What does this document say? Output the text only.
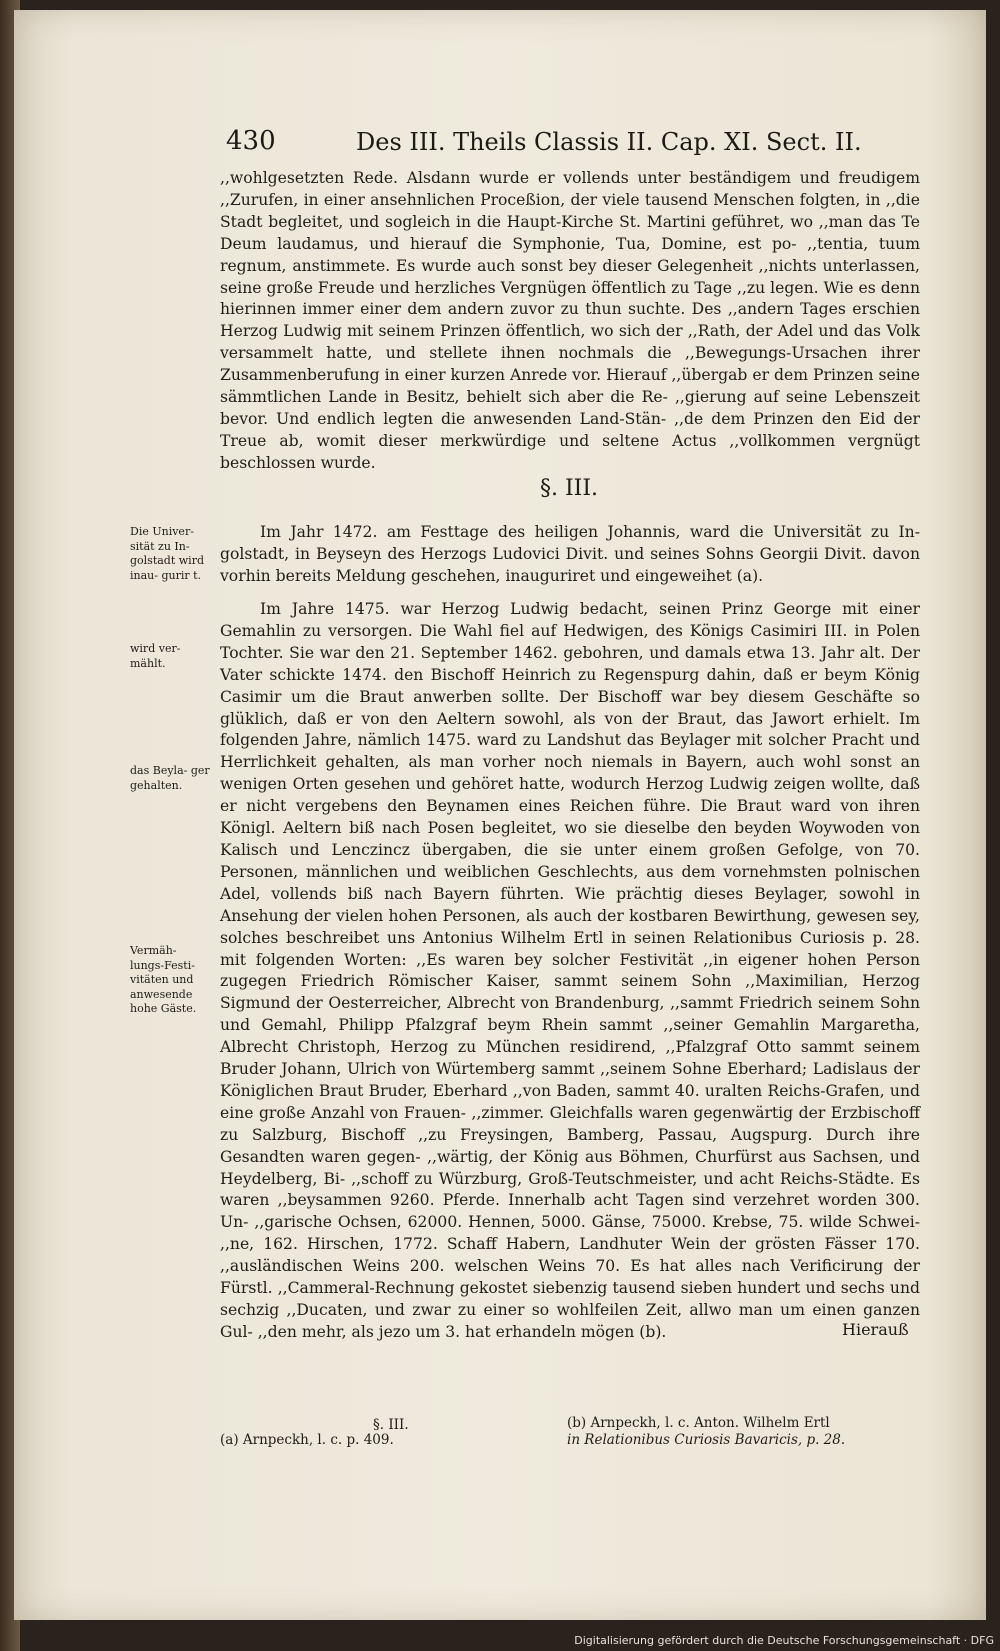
430	Des III. Theils Classis II. Cap. XI. Sect. II.

,,wohlgesetzten Rede. Alsdann wurde er vollends unter beständigem und freudigem ,,Zurufen, in einer ansehnlichen Proceßion, der viele tausend Menschen folgten, in ,,die Stadt begleitet, und sogleich in die Haupt-Kirche St. Martini geführet, wo ,,man das Te Deum laudamus, und hierauf die Symphonie, Tua, Domine, est po- ,,tentia, tuum regnum, anstimmete. Es wurde auch sonst bey dieser Gelegenheit ,,nichts unterlassen, seine große Freude und herzliches Vergnügen öffentlich zu Tage ,,zu legen. Wie es denn hierinnen immer einer dem andern zuvor zu thun suchte. Des ,,andern Tages erschien Herzog Ludwig mit seinem Prinzen öffentlich, wo sich der ,,Rath, der Adel und das Volk versammelt hatte, und stellete ihnen nochmals die ,,Bewegungs-Ursachen ihrer Zusammenberufung in einer kurzen Anrede vor. Hierauf ,,übergab er dem Prinzen seine sämmtlichen Lande in Besitz, behielt sich aber die Re- ,,gierung auf seine Lebenszeit bevor. Und endlich legten die anwesenden Land-Stän- ,,de dem Prinzen den Eid der Treue ab, womit dieser merkwürdige und seltene Actus ,,vollkommen vergnügt beschlossen wurde.

§. III.
Die Univer- sität zu In- golstadt wird inau- gurir t.

Im Jahr 1472. am Festtage des heiligen Johannis, ward die Universität zu In- golstadt, in Beyseyn des Herzogs Ludovici Divit. und seines Sohns Georgii Divit. davon vorhin bereits Meldung geschehen, inauguriret und eingeweihet (a).

wird ver- mählt.
das Beyla- ger gehalten.
Vermäh- lungs-Festi- vitäten und anwesende hohe Gäste.

Im Jahre 1475. war Herzog Ludwig bedacht, seinen Prinz George mit einer Gemahlin zu versorgen. Die Wahl fiel auf Hedwigen, des Königs Casimiri III. in Polen Tochter. Sie war den 21. September 1462. gebohren, und damals etwa 13. Jahr alt. Der Vater schickte 1474. den Bischoff Heinrich zu Regenspurg dahin, daß er beym König Casimir um die Braut anwerben sollte. Der Bischoff war bey diesem Geschäfte so glüklich, daß er von den Aeltern sowohl, als von der Braut, das Jawort erhielt. Im folgenden Jahre, nämlich 1475. ward zu Landshut das Beylager mit solcher Pracht und Herrlichkeit gehalten, als man vorher noch niemals in Bayern, auch wohl sonst an wenigen Orten gesehen und gehöret hatte, wodurch Herzog Ludwig zeigen wollte, daß er nicht vergebens den Beynamen eines Reichen führe. Die Braut ward von ihren Königl. Aeltern biß nach Posen begleitet, wo sie dieselbe den beyden Woywoden von Kalisch und Lenczincz übergaben, die sie unter einem großen Gefolge, von 70. Personen, männlichen und weiblichen Geschlechts, aus dem vornehmsten polnischen Adel, vollends biß nach Bayern führten. Wie prächtig dieses Beylager, sowohl in Ansehung der vielen hohen Personen, als auch der kostbaren Bewirthung, gewesen sey, solches beschreibet uns Antonius Wilhelm Ertl in seinen Relationibus Curiosis p. 28. mit folgenden Worten: ,,Es waren bey solcher Festivität ,,in eigener hohen Person zugegen Friedrich Römischer Kaiser, sammt seinem Sohn ,,Maximilian, Herzog Sigmund der Oesterreicher, Albrecht von Brandenburg, ,,sammt Friedrich seinem Sohn und Gemahl, Philipp Pfalzgraf beym Rhein sammt ,,seiner Gemahlin Margaretha, Albrecht Christoph, Herzog zu München residirend, ,,Pfalzgraf Otto sammt seinem Bruder Johann, Ulrich von Würtemberg sammt ,,seinem Sohne Eberhard; Ladislaus der Königlichen Braut Bruder, Eberhard ,,von Baden, sammt 40. uralten Reichs-Grafen, und eine große Anzahl von Frauen- ,,zimmer. Gleichfalls waren gegenwärtig der Erzbischoff zu Salzburg, Bischoff ,,zu Freysingen, Bamberg, Passau, Augspurg. Durch ihre Gesandten waren gegen- ,,wärtig, der König aus Böhmen, Churfürst aus Sachsen, und Heydelberg, Bi- ,,schoff zu Würzburg, Groß-Teutschmeister, und acht Reichs-Städte. Es waren ,,beysammen 9260. Pferde. Innerhalb acht Tagen sind verzehret worden 300. Un- ,,garische Ochsen, 62000. Hennen, 5000. Gänse, 75000. Krebse, 75. wilde Schwei- ,,ne, 162. Hirschen, 1772. Schaff Habern, Landhuter Wein der grösten Fässer 170. ,,ausländischen Weins 200. welschen Weins 70. Es hat alles nach Verificirung der Fürstl. ,,Cammeral-Rechnung gekostet siebenzig tausend sieben hundert und sechs und sechzig ,,Ducaten, und zwar zu einer so wohlfeilen Zeit, allwo man um einen ganzen Gul- ,,den mehr, als jezo um 3. hat erhandeln mögen (b).	Hierauß
§. III.
(a) Arnpeckh, l. c. p. 409.
(b) Arnpeckh, l. c. Anton. Wilhelm Ertl
in Relationibus Curiosis Bavaricis, p. 28.
Digitalisierung gefördert durch die Deutsche Forschungsgemeinschaft · DFG
